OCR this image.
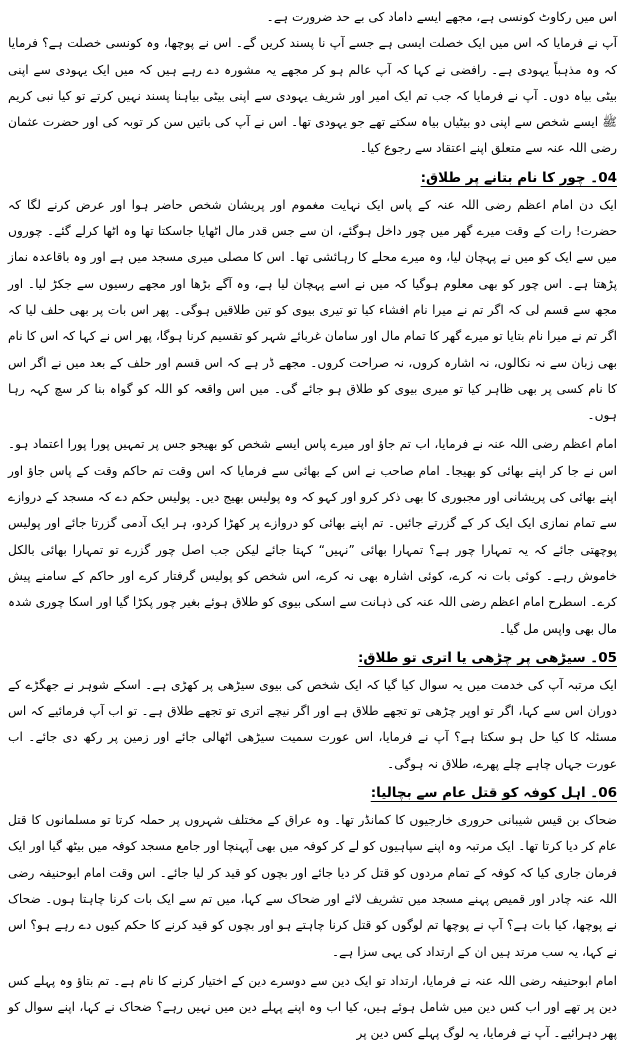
اس میں رکاوٹ کونسی ہے، مجھے ایسے داماد کی بے حد ضرورت ہے۔

آپ نے فرمایا کہ اس میں ایک خصلت ایسی ہے جسے آپ نا پسند کریں گے۔ اس نے پوچھا، وہ کونسی خصلت ہے؟ فرمایا کہ وہ مذہباً یہودی ہے۔ رافضی نے کہا کہ آپ عالم ہو کر مجھے یہ مشورہ دے رہے ہیں کہ میں ایک یہودی سے اپنی بیٹی بیاہ دوں۔ آپ نے فرمایا کہ جب تم ایک امیر اور شریف یہودی سے اپنی بیٹی بیاہنا پسند نہیں کرتے تو کیا نبی کریم ﷺ ایسے شخص سے اپنی دو بیٹیاں بیاہ سکتے تھے جو یہودی تھا۔ اس نے آپ کی باتیں سن کر توبہ کی اور حضرت عثمان رضی اللہ عنہ سے متعلق اپنے اعتقاد سے رجوع کیا۔

04۔ چور کا نام بتانے پر طلاق:

ایک دن امام اعظم رضی اللہ عنہ کے پاس ایک نہایت مغموم اور پریشان شخص حاضر ہوا اور عرض کرنے لگا کہ حضرت! رات کے وقت میرے گھر میں چور داخل ہوگئے، ان سے جس قدر مال اٹھایا جاسکتا تھا وہ اٹھا کرلے گئے۔ چوروں میں سے ایک کو میں نے پہچان لیا، وہ میرے محلے کا رہائشی تھا۔ اس کا مصلی میری مسجد میں ہے اور وہ باقاعدہ نماز پڑھتا ہے۔ اس چور کو بھی معلوم ہوگیا کہ میں نے اسے پہچان لیا ہے، وہ آگے بڑھا اور مجھے رسیوں سے جکڑ لیا۔ اور مجھ سے قسم لی کہ اگر تم نے میرا نام افشاء کیا تو تیری بیوی کو تین طلاقیں ہوگی۔ پھر اس بات پر بھی حلف لیا کہ اگر تم نے میرا نام بتایا تو میرے گھر کا تمام مال اور سامان غربائے شہر کو تقسیم کرنا ہوگا، پھر اس نے کہا کہ اس کا نام بھی زبان سے نہ نکالوں، نہ اشارہ کروں، نہ صراحت کروں۔ مجھے ڈر ہے کہ اس قسم اور حلف کے بعد میں نے اگر اس کا نام کسی پر بھی ظاہر کیا تو میری بیوی کو طلاق ہو جائے گی۔ میں اس واقعہ کو اللہ کو گواہ بنا کر سچ کہہ رہا ہوں۔

امام اعظم رضی اللہ عنہ نے فرمایا، اب تم جاؤ اور میرے پاس ایسے شخص کو بھیجو جس پر تمہیں پورا پورا اعتماد ہو۔ اس نے جا کر اپنے بھائی کو بھیجا۔ امام صاحب نے اس کے بھائی سے فرمایا کہ اس وقت تم حاکم وقت کے پاس جاؤ اور اپنے بھائی کی پریشانی اور مجبوری کا بھی ذکر کرو اور کہو کہ وہ پولیس بھیج دیں۔ پولیس حکم دے کہ مسجد کے دروازے سے تمام نمازی ایک ایک کر کے گزرتے جائیں۔ تم اپنے بھائی کو دروازے پر کھڑا کردو، ہر ایک آدمی گزرتا جائے اور پولیس پوچھتی جائے کہ یہ تمہارا چور ہے؟ تمہارا بھائی ”نہیں“ کہتا جائے لیکن جب اصل چور گزرے تو تمہارا بھائی بالکل خاموش رہے۔ کوئی بات نہ کرے، کوئی اشارہ بھی نہ کرے، اس شخص کو پولیس گرفتار کرے اور حاکم کے سامنے پیش کرے۔ اسطرح امام اعظم رضی اللہ عنہ کی ذہانت سے اسکی بیوی کو طلاق ہوئے بغیر چور پکڑا گیا اور اسکا چوری شدہ مال بھی واپس مل گیا۔

05۔ سیڑھی پر چڑھی یا اتری تو طلاق:

ایک مرتبہ آپ کی خدمت میں یہ سوال کیا گیا کہ ایک شخص کی بیوی سیڑھی پر کھڑی ہے۔ اسکے شوہر نے جھگڑے کے دوران اس سے کہا، اگر تو اوپر چڑھی تو تجھے طلاق ہے اور اگر نیچے اتری تو تجھے طلاق ہے۔ تو اب آپ فرمائیے کہ اس مسئلہ کا کیا حل ہو سکتا ہے؟ آپ نے فرمایا، اس عورت سمیت سیڑھی اٹھالی جائے اور زمین پر رکھ دی جائے۔ اب عورت جہاں چاہے چلے پھرے، طلاق نہ ہوگی۔

06۔ اہل کوفہ کو قتل عام سے بچالیا:

ضحاک بن قیس شیبانی حروری خارجیوں کا کمانڈر تھا۔ وہ عراق کے مختلف شہروں پر حملہ کرتا تو مسلمانوں کا قتل عام کر دیا کرتا تھا۔ ایک مرتبہ وہ اپنے سپاہیوں کو لے کر کوفہ میں بھی آپہنچا اور جامع مسجد کوفہ میں بیٹھ گیا اور ایک فرمان جاری کیا کہ کوفہ کے تمام مردوں کو قتل کر دیا جائے اور بچوں کو قید کر لیا جائے۔ اس وقت امام ابوحنیفہ رضی اللہ عنہ چادر اور قمیص پہنے مسجد میں تشریف لائے اور ضحاک سے کہا، میں تم سے ایک بات کرنا چاہتا ہوں۔ ضحاک نے پوچھا، کیا بات ہے؟ آپ نے پوچھا تم لوگوں کو قتل کرنا چاہتے ہو اور بچوں کو قید کرنے کا حکم کیوں دے رہے ہو؟ اس نے کہا، یہ سب مرتد ہیں ان کے ارتداد کی یہی سزا ہے۔

امام ابوحنیفہ رضی اللہ عنہ نے فرمایا، ارتداد تو ایک دین سے دوسرے دین کے اختیار کرنے کا نام ہے۔ تم بتاؤ وہ پہلے کس دین پر تھے اور اب کس دین میں شامل ہوئے ہیں، کیا اب وہ اپنے پہلے دین میں نہیں رہے؟ ضحاک نے کہا، اپنے سوال کو پھر دہرائیے۔ آپ نے فرمایا، یہ لوگ پہلے کس دین پر
